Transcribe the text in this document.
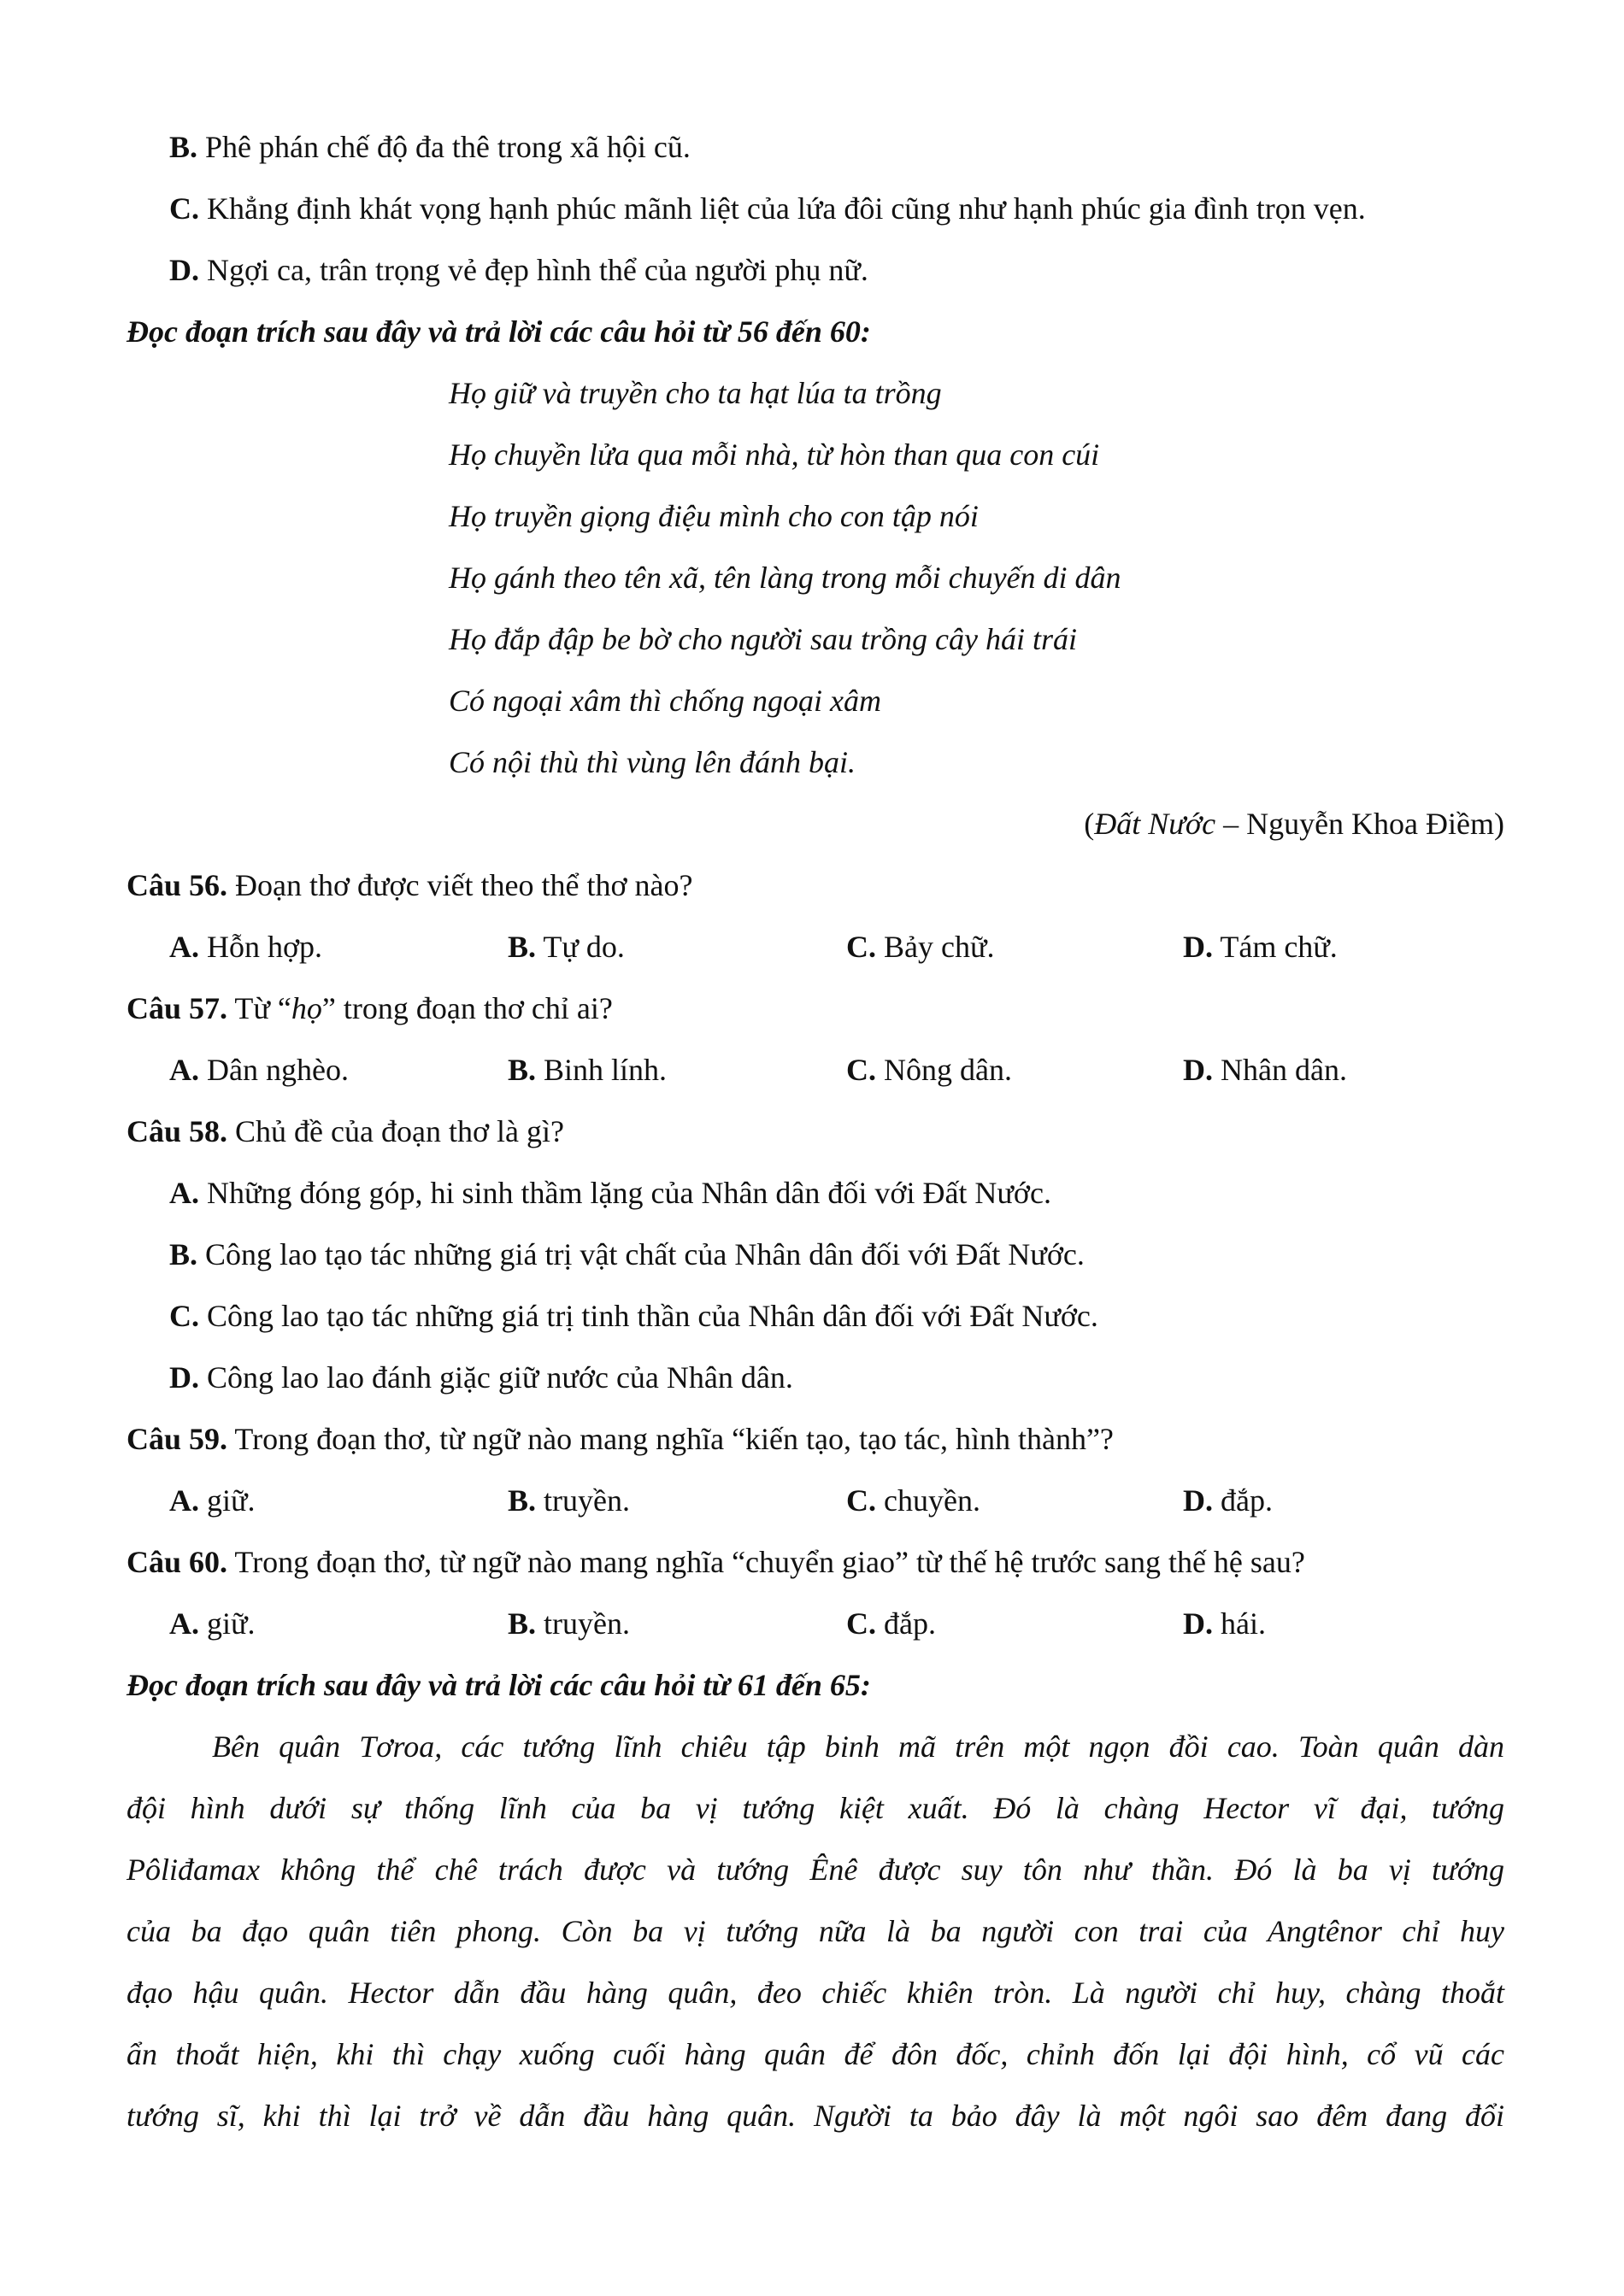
B. Phê phán chế độ đa thê trong xã hội cũ.
C. Khẳng định khát vọng hạnh phúc mãnh liệt của lứa đôi cũng như hạnh phúc gia đình trọn vẹn.
D. Ngợi ca, trân trọng vẻ đẹp hình thể của người phụ nữ.
Đọc đoạn trích sau đây và trả lời các câu hỏi từ 56 đến 60:
Họ giữ và truyền cho ta hạt lúa ta trồng
Họ chuyền lửa qua mỗi nhà, từ hòn than qua con cúi
Họ truyền giọng điệu mình cho con tập nói
Họ gánh theo tên xã, tên làng trong mỗi chuyến di dân
Họ đắp đập be bờ cho người sau trồng cây hái trái
Có ngoại xâm thì chống ngoại xâm
Có nội thù thì vùng lên đánh bại.
(Đất Nước – Nguyễn Khoa Điềm)
Câu 56. Đoạn thơ được viết theo thể thơ nào?
A. Hỗn hợp.	B. Tự do.	C. Bảy chữ.	D. Tám chữ.
Câu 57. Từ “họ” trong đoạn thơ chỉ ai?
A. Dân nghèo.	B. Binh lính.	C. Nông dân.	D. Nhân dân.
Câu 58. Chủ đề của đoạn thơ là gì?
A. Những đóng góp, hi sinh thầm lặng của Nhân dân đối với Đất Nước.
B. Công lao tạo tác những giá trị vật chất của Nhân dân đối với Đất Nước.
C. Công lao tạo tác những giá trị tinh thần của Nhân dân đối với Đất Nước.
D. Công lao lao đánh giặc giữ nước của Nhân dân.
Câu 59. Trong đoạn thơ, từ ngữ nào mang nghĩa “kiến tạo, tạo tác, hình thành”?
A. giữ.	B. truyền.	C. chuyền.	D. đắp.
Câu 60. Trong đoạn thơ, từ ngữ nào mang nghĩa “chuyển giao” từ thế hệ trước sang thế hệ sau?
A. giữ.	B. truyền.	C. đắp.	D. hái.
Đọc đoạn trích sau đây và trả lời các câu hỏi từ 61 đến 65:
Bên quân Tơroa, các tướng lĩnh chiêu tập binh mã trên một ngọn đồi cao. Toàn quân dàn
đội hình dưới sự thống lĩnh của ba vị tướng kiệt xuất. Đó là chàng Hector vĩ đại, tướng
Pôliđamax không thể chê trách được và tướng Ênê được suy tôn như thần. Đó là ba vị tướng
của ba đạo quân tiên phong. Còn ba vị tướng nữa là ba người con trai của Angtênor chỉ huy
đạo hậu quân. Hector dẫn đầu hàng quân, đeo chiếc khiên tròn. Là người chỉ huy, chàng thoắt
ẩn thoắt hiện, khi thì chạy xuống cuối hàng quân để đôn đốc, chỉnh đốn lại đội hình, cổ vũ các
tướng sĩ, khi thì lại trở về dẫn đầu hàng quân. Người ta bảo đây là một ngôi sao đêm đang đổi
